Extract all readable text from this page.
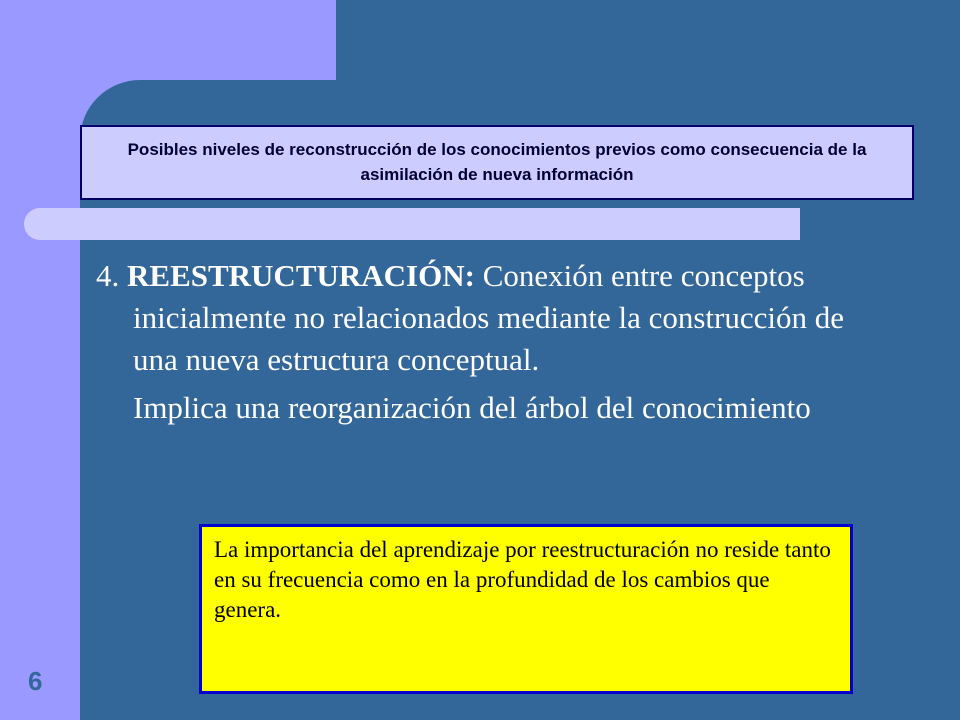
Posibles niveles de reconstrucción de los conocimientos previos como consecuencia de la asimilación de nueva información

4. REESTRUCTURACIÓN: Conexión entre conceptos inicialmente no relacionados mediante la construcción de una nueva estructura conceptual.

Implica una reorganización del árbol del conocimiento

La importancia del aprendizaje por reestructuración no reside tanto en su frecuencia como en la profundidad de los cambios que genera.
6
